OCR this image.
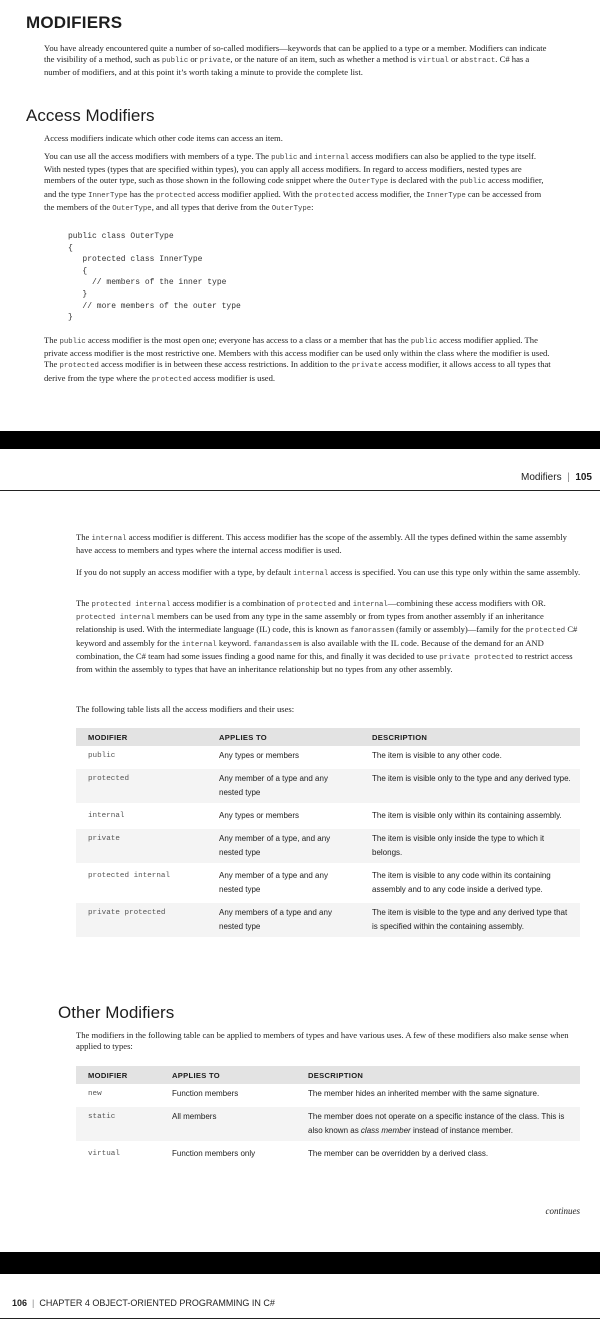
MODIFIERS

You have already encountered quite a number of so-called modifiers—keywords that can be applied to a type or a member. Modifiers can indicate the visibility of a method, such as public or private, or the nature of an item, such as whether a method is virtual or abstract. C# has a number of modifiers, and at this point it’s worth taking a minute to provide the complete list.

Access Modifiers

Access modifiers indicate which other code items can access an item.

You can use all the access modifiers with members of a type. The public and internal access modifiers can also be applied to the type itself. With nested types (types that are specified within types), you can apply all access modifiers. In regard to access modifiers, nested types are members of the outer type, such as those shown in the following code snippet where the OuterType is declared with the public access modifier, and the type InnerType has the protected access modifier applied. With the protected access modifier, the InnerType can be accessed from the members of the OuterType, and all types that derive from the OuterType:

public class OuterType
{
protected class InnerType
{
// members of the inner type
}
// more members of the outer type
}

The public access modifier is the most open one; everyone has access to a class or a member that has the public access modifier applied. The private access modifier is the most restrictive one. Members with this access modifier can be used only within the class where the modifier is used. The protected access modifier is in between these access restrictions. In addition to the private access modifier, it allows access to all types that derive from the type where the protected access modifier is used.

Modifiers | 105

The internal access modifier is different. This access modifier has the scope of the assembly. All the types defined within the same assembly have access to members and types where the internal access modifier is used.

If you do not supply an access modifier with a type, by default internal access is specified. You can use this type only within the same assembly.

The protected internal access modifier is a combination of protected and internal—combining these access modifiers with OR. protected internal members can be used from any type in the same assembly or from types from another assembly if an inheritance relationship is used. With the intermediate language (IL) code, this is known as famorassem (family or assembly)—family for the protected C# keyword and assembly for the internal keyword. famandassem is also available with the IL code. Because of the demand for an AND combination, the C# team had some issues finding a good name for this, and finally it was decided to use private protected to restrict access from within the assembly to types that have an inheritance relationship but no types from any other assembly.

The following table lists all the access modifiers and their uses:

MODIFIER	APPLIES TO	DESCRIPTION
public	Any types or members	The item is visible to any other code.
protected	Any member of a type and any nested type	The item is visible only to the type and any derived type.
internal	Any types or members	The item is visible only within its containing assembly.
private	Any member of a type, and any nested type	The item is visible only inside the type to which it belongs.
protected internal	Any member of a type and any nested type	The item is visible to any code within its containing assembly and to any code inside a derived type.
private protected	Any members of a type and any nested type	The item is visible to the type and any derived type that is specified within the containing assembly.
Other Modifiers

The modifiers in the following table can be applied to members of types and have various uses. A few of these modifiers also make sense when applied to types:

MODIFIER	APPLIES TO	DESCRIPTION
new	Function members	The member hides an inherited member with the same signature.
static	All members	The member does not operate on a specific instance of the class. This is also known as class member instead of instance member.
virtual	Function members only	The member can be overridden by a derived class.
continues
106 | CHAPTER 4 OBJECT-ORIENTED PROGRAMMING IN C#
